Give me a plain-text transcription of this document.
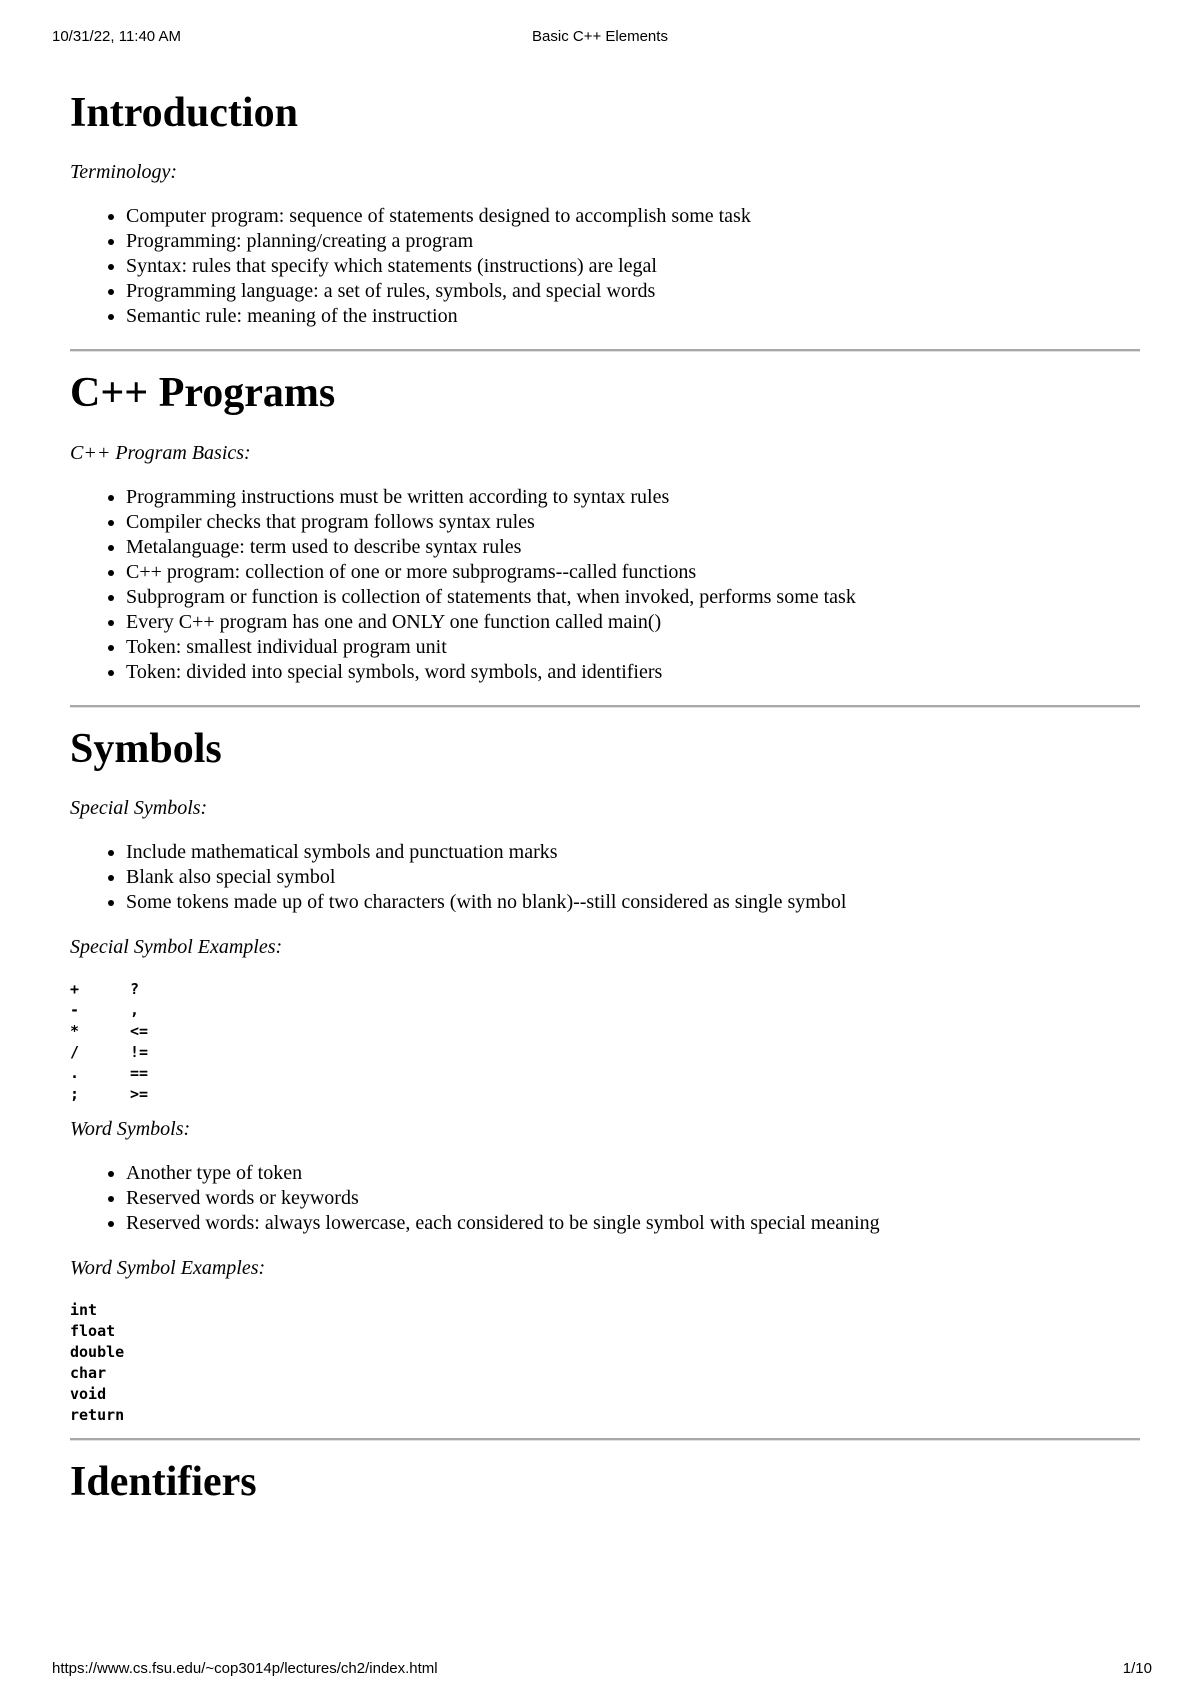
10/31/22, 11:40 AM	Basic C++ Elements
Introduction
Terminology:
• Computer program: sequence of statements designed to accomplish some task
• Programming: planning/creating a program
• Syntax: rules that specify which statements (instructions) are legal
• Programming language: a set of rules, symbols, and special words
• Semantic rule: meaning of the instruction
C++ Programs
C++ Program Basics:
• Programming instructions must be written according to syntax rules
• Compiler checks that program follows syntax rules
• Metalanguage: term used to describe syntax rules
• C++ program: collection of one or more subprograms--called functions
• Subprogram or function is collection of statements that, when invoked, performs some task
• Every C++ program has one and ONLY one function called main()
• Token: smallest individual program unit
• Token: divided into special symbols, word symbols, and identifiers
Symbols
Special Symbols:
• Include mathematical symbols and punctuation marks
• Blank also special symbol
• Some tokens made up of two characters (with no blank)--still considered as single symbol
Special Symbol Examples:
+	?
-	,
*	<=
/	!=
.	==
;	>=
Word Symbols:
• Another type of token
• Reserved words or keywords
• Reserved words: always lowercase, each considered to be single symbol with special meaning
Word Symbol Examples:
int
float
double
char
void
return
Identifiers
https://www.cs.fsu.edu/~cop3014p/lectures/ch2/index.html	1/10
